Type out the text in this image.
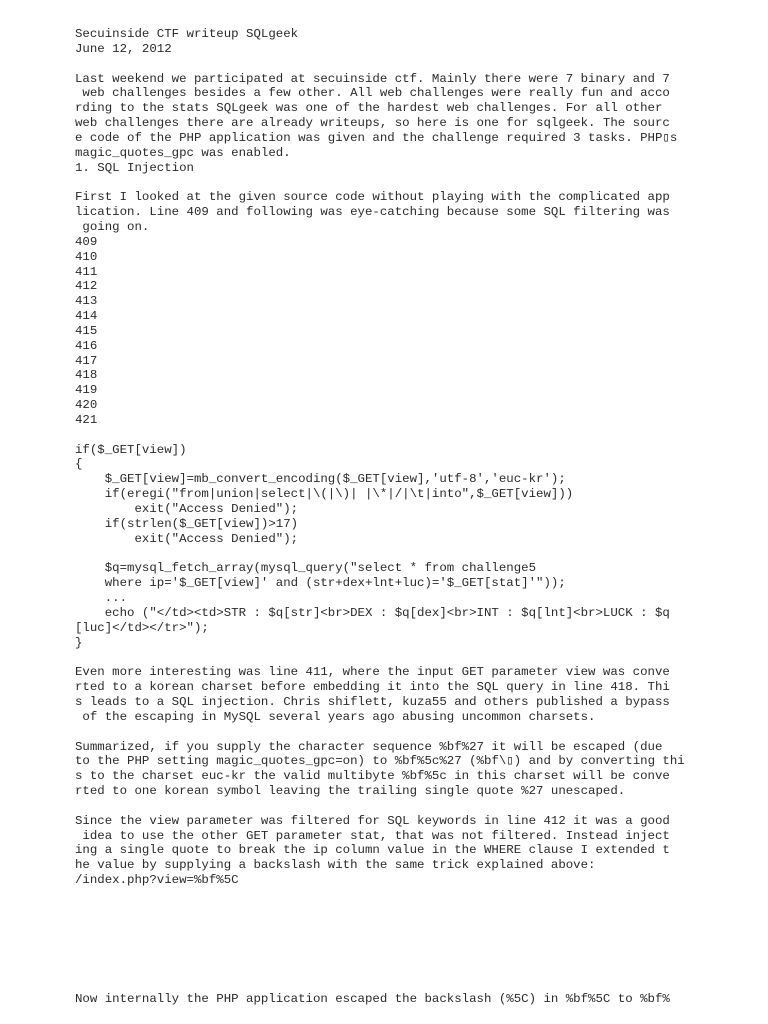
Secuinside CTF writeup SQLgeek
June 12, 2012
Last weekend we participated at secuinside ctf. Mainly there were 7 binary and 7
web challenges besides a few other. All web challenges were really fun and acco
rding to the stats SQLgeek was one of the hardest web challenges. For all other
web challenges there are already writeups, so here is one for sqlgeek. The sourc
e code of the PHP application was given and the challenge required 3 tasks. PHP▯s
magic_quotes_gpc was enabled.
1. SQL Injection
First I looked at the given source code without playing with the complicated app
lication. Line 409 and following was eye-catching because some SQL filtering was
going on.
409
410
411
412
413
414
415
416
417
418
419
420
421
if($_GET[view])
{
$_GET[view]=mb_convert_encoding($_GET[view],'utf-8','euc-kr');
if(eregi("from|union|select|\(|\)| |\*|/|\t|into",$_GET[view]))
exit("Access Denied");
if(strlen($_GET[view])>17)
exit("Access Denied");
$q=mysql_fetch_array(mysql_query("select * from challenge5
where ip='$_GET[view]' and (str+dex+lnt+luc)='$_GET[stat]'"));
...
echo ("</td><td>STR : $q[str]<br>DEX : $q[dex]<br>INT : $q[lnt]<br>LUCK : $q
[luc]</td></tr>");
}
Even more interesting was line 411, where the input GET parameter view was conve
rted to a korean charset before embedding it into the SQL query in line 418. Thi
s leads to a SQL injection. Chris shiflett, kuza55 and others published a bypass
of the escaping in MySQL several years ago abusing uncommon charsets.
Summarized, if you supply the character sequence %bf%27 it will be escaped (due
to the PHP setting magic_quotes_gpc=on) to %bf%5c%27 (%bf\▯) and by converting thi
s to the charset euc-kr the valid multibyte %bf%5c in this charset will be conve
rted to one korean symbol leaving the trailing single quote %27 unescaped.
Since the view parameter was filtered for SQL keywords in line 412 it was a good
idea to use the other GET parameter stat, that was not filtered. Instead inject
ing a single quote to break the ip column value in the WHERE clause I extended t
he value by supplying a backslash with the same trick explained above:
/index.php?view=%bf%5C
Now internally the PHP application escaped the backslash (%5C) in %bf%5C to %bf%
